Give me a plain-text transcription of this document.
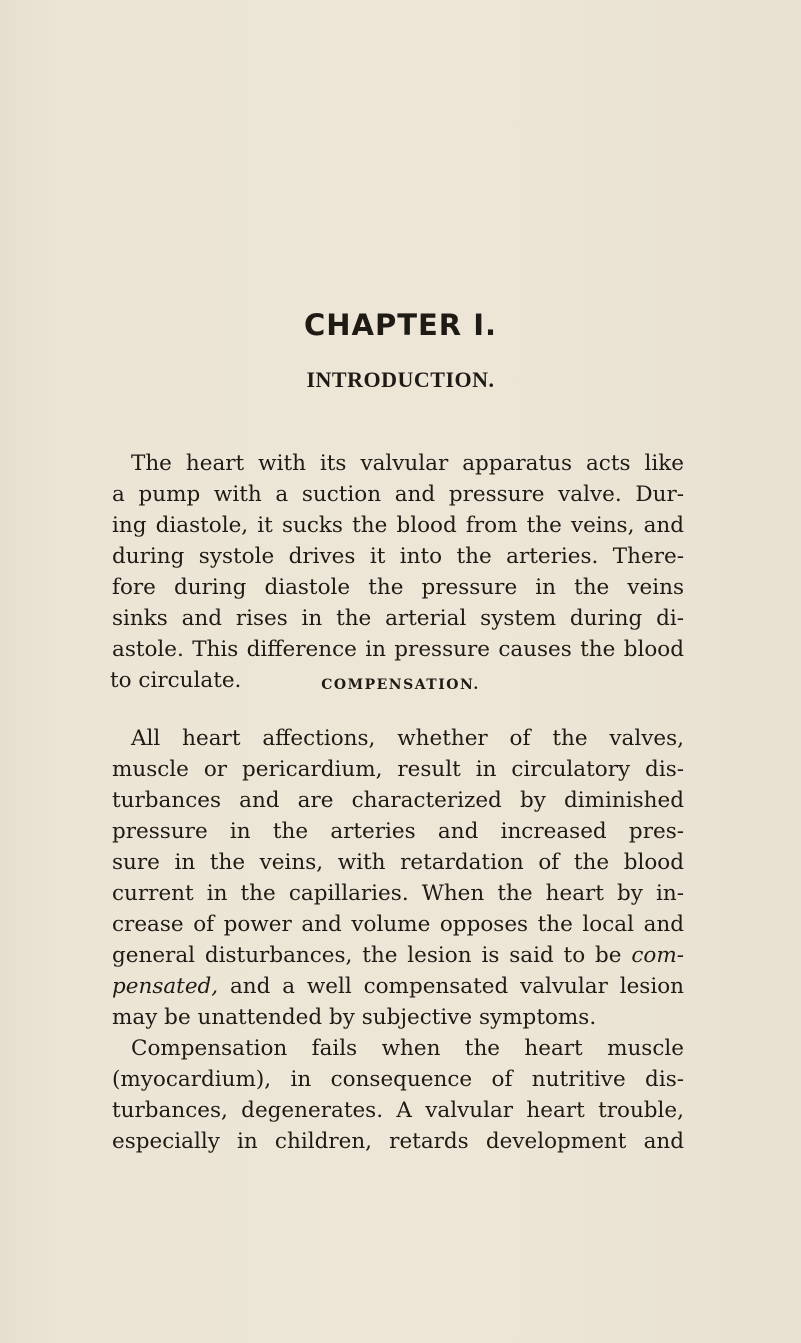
CHAPTER I.
INTRODUCTION.

The heart with its valvular apparatus acts like

a pump with a suction and pressure valve. Dur-

ing diastole, it sucks the blood from the veins, and

during systole drives it into the arteries. There-

fore during diastole the pressure in the veins

sinks and rises in the arterial system during di-

astole. This difference in pressure causes the blood

to circulate.	COMPENSATION.

All heart affections, whether of the valves,

muscle or pericardium, result in circulatory dis-

turbances and are characterized by diminished

pressure in the arteries and increased pres-

sure in the veins, with retardation of the blood

current in the capillaries. When the heart by in-

crease of power and volume opposes the local and

general disturbances, the lesion is said to be com-

pensated, and a well compensated valvular lesion

may be unattended by subjective symptoms.

Compensation fails when the heart muscle

(myocardium), in consequence of nutritive dis-

turbances, degenerates. A valvular heart trouble,

especially in children, retards development and
